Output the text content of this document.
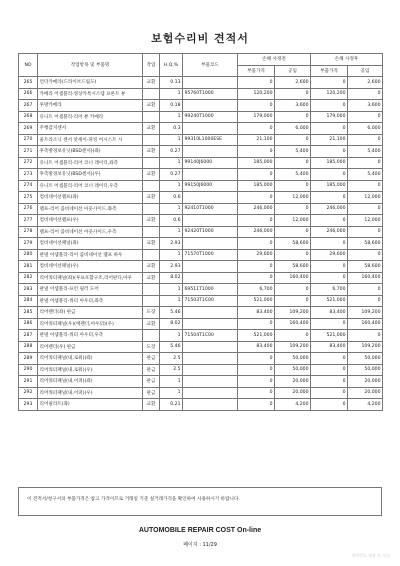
보험수리비 견적서
NO	작업항목 및 부품명	작업	H.Q.%	부품코드	손해 사정전		손해 사정후	
					부품가격	공임	부품가격	공임
265	언더카메라(드라이브드림도)	교환	0.13		0	2,600	0	2,600
266	카메라 어셈블리-영상카톡시스템 프론트 뷰		1	95760T1000	120,200	0	120,200	0
267	후방카메라	교환	0.18		0	3,600	0	3,600
268	유니트 어셈블리-리어 뷰 카메라		1	99240T1000	179,000	0	179,000	0
269	주행감지센서	교환	0.3		0	6,000	0	6,000
270	울트라소닉 센서 앗세이-파킹 어시스트 시		1	99310L1000ESE	21,100	0	21,100	0
271	후측방경보유닛(BSD센서)(좌)	교환	0.27		0	5,400	0	5,400
272	유니트 어셈블리-리어 코너 레이더,좌측		1	99140J6000	185,000	0	185,000	0
273	후측방경보유닛(BSD센서)(우)	교환	0.27		0	5,400	0	5,400
274	유니트 어셈블리-리어 코너 레이더,우측		1	99150J6000	185,000	0	185,000	0
275	컴비네이션램프(좌)	교환	0.6		0	12,000	0	12,000
276	램프-리어 콤비네이션 아웃사이드,좌측		1	92410T1000	246,000	0	246,000	0
277	컴비네이션램프(우)	교환	0.6		0	12,000	0	12,000
278	램프-리어 콤비네이션 아웃사이드,우측		1	92420T1000	246,000	0	246,000	0
279	컴비네이션패널(좌)	교환	2.93		0	58,600	0	58,600
280	판넬 어셈블리-리어 콤비네이션 램프 하우		1	71570T1000	29,600	0	29,600	0
281	컴비네이션패널(우)	교환	2.93		0	58,600	0	58,600
282	리어쿼터패널(좌)(루프포함구조,리어판디,아우	교환	8.02		0	160,400	0	160,400
283	판넬 어셈블리-프런 필러 도어		1	69511T1000	6,700	0	6,700	0
284	판넬 어셈블리-쿼터 아우터,좌측		1	71503T1C00	521,000	0	521,000	0
285	리어펜더(좌) 판금	도장	5.46		83,400	109,200	83,400	109,200
286	리어쿼터패널(우)(에펜더,아우터)(우)	교환	8.02		0	160,400	0	160,400
287	판넬 어셈블리-쿼터 아우터,우측		1	71504T1C00	521,000	0	521,000	0
288	리어펜더(우) 판금	도장	5.46		83,400	109,200	83,400	109,200
289	리어쿼터패널(내,로워)(좌)	판금	2.5		0	50,000	0	50,000
290	리어쿼터패널(내,로워)(우)	판금	2.5		0	50,000	0	50,000
291	리어쿼터패널(내,어퍼)(좌)	판금	1		0	20,000	0	20,000
292	리어쿼터패널(내,어퍼)(우)	판금	1		0	20,000	0	20,000
293	리어필라트(좌)	교환	0.21		0	4,200	0	4,200
이 견적서/청구서의 부품가격은 참고 가격이므로 거래일 기준 실거래가격을 확인하여 사용하시기 바랍니다.
AUTOMOBILE REPAIR COST On-line
페이지 : 11/29
계약번호 제출 후 작성
